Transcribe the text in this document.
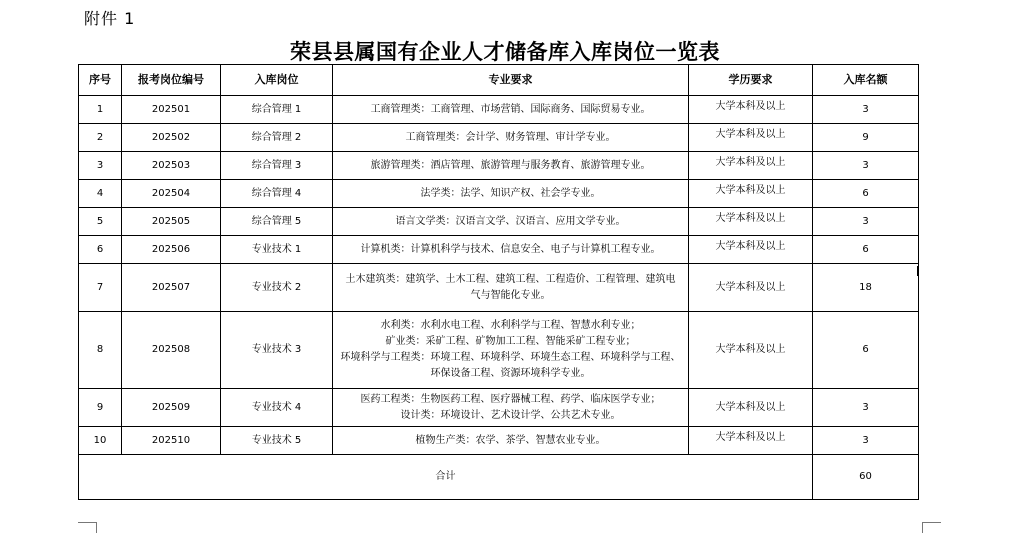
附件 1
荣县县属国有企业人才储备库入库岗位一览表
序号	报考岗位编号	入库岗位	专业要求	学历要求	入库名额
1	202501	综合管理 1	工商管理类：工商管理、市场营销、国际商务、国际贸易专业。	大学本科及以上	3
2	202502	综合管理 2	工商管理类：会计学、财务管理、审计学专业。	大学本科及以上	9
3	202503	综合管理 3	旅游管理类：酒店管理、旅游管理与服务教育、旅游管理专业。	大学本科及以上	3
4	202504	综合管理 4	法学类：法学、知识产权、社会学专业。	大学本科及以上	6
5	202505	综合管理 5	语言文学类：汉语言文学、汉语言、应用文学专业。	大学本科及以上	3
6	202506	专业技术 1	计算机类：计算机科学与技术、信息安全、电子与计算机工程专业。	大学本科及以上	6
7	202507	专业技术 2	土木建筑类：建筑学、土木工程、建筑工程、工程造价、工程管理、建筑电
气与智能化专业。	大学本科及以上	18
8	202508	专业技术 3	水利类：水利水电工程、水利科学与工程、智慧水利专业；
矿业类：采矿工程、矿物加工工程、智能采矿工程专业；
环境科学与工程类：环境工程、环境科学、环境生态工程、环境科学与工程、
环保设备工程、资源环境科学专业。	大学本科及以上	6
9	202509	专业技术 4	医药工程类：生物医药工程、医疗器械工程、药学、临床医学专业；
设计类：环境设计、艺术设计学、公共艺术专业。	大学本科及以上	3
10	202510	专业技术 5	植物生产类：农学、茶学、智慧农业专业。	大学本科及以上	3
合计					60
